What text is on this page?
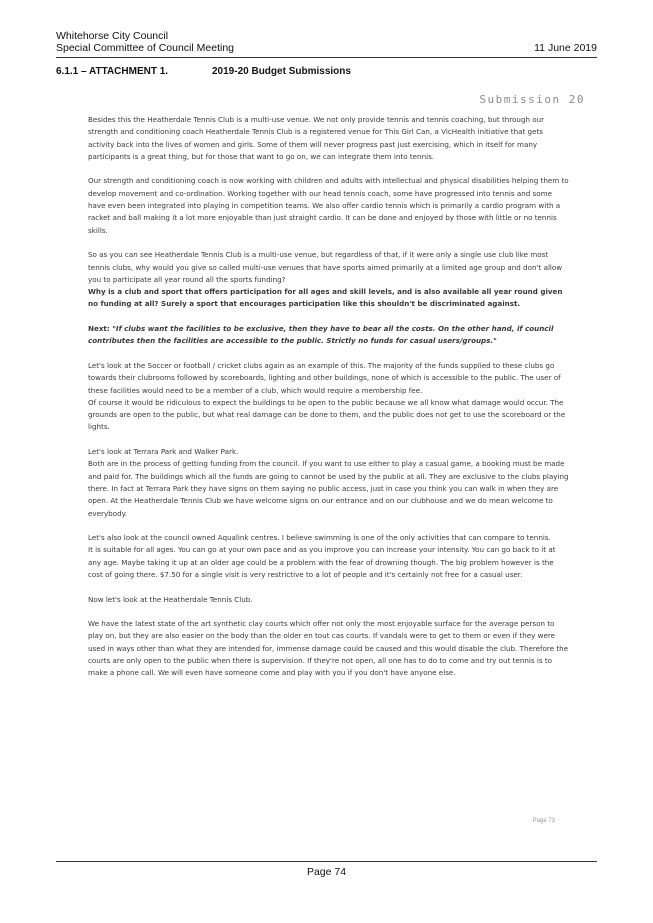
Whitehorse City Council
Special Committee of Council Meeting	11 June 2019
6.1.1 – ATTACHMENT 1.	2019-20 Budget Submissions
Submission 20

Besides this the Heatherdale Tennis Club is a multi-use venue. We not only provide tennis and tennis coaching, but through our strength and conditioning coach Heatherdale Tennis Club is a registered venue for This Girl Can, a VicHealth initiative that gets activity back into the lives of women and girls. Some of them will never progress past just exercising, which in itself for many participants is a great thing, but for those that want to go on, we can integrate them into tennis.

Our strength and conditioning coach is now working with children and adults with intellectual and physical disabilities helping them to develop movement and co-ordination. Working together with our head tennis coach, some have progressed into tennis and some have even been integrated into playing in competition teams. We also offer cardio tennis which is primarily a cardio program with a racket and ball making it a lot more enjoyable than just straight cardio. It can be done and enjoyed by those with little or no tennis skills.

So as you can see Heatherdale Tennis Club is a multi-use venue, but regardless of that, if it were only a single use club like most tennis clubs, why would you give so called multi-use venues that have sports aimed primarily at a limited age group and don't allow you to participate all year round all the sports funding?

Why is a club and sport that offers participation for all ages and skill levels, and is also available all year round given no funding at all? Surely a sport that encourages participation like this shouldn't be discriminated against.

Next: "If clubs want the facilities to be exclusive, then they have to bear all the costs. On the other hand, if council contributes then the facilities are accessible to the public. Strictly no funds for casual users/groups."

Let's look at the Soccer or football / cricket clubs again as an example of this. The majority of the funds supplied to these clubs go towards their clubrooms followed by scoreboards, lighting and other buildings, none of which is accessible to the public. The user of these facilities would need to be a member of a club, which would require a membership fee.

Of course it would be ridiculous to expect the buildings to be open to the public because we all know what damage would occur. The grounds are open to the public, but what real damage can be done to them, and the public does not get to use the scoreboard or the lights.

Let's look at Terrara Park and Walker Park.

Both are in the process of getting funding from the council. If you want to use either to play a casual game, a booking must be made and paid for. The buildings which all the funds are going to cannot be used by the public at all. They are exclusive to the clubs playing there. In fact at Terrara Park they have signs on them saying no public access, just in case you think you can walk in when they are open. At the Heatherdale Tennis Club we have welcome signs on our entrance and on our clubhouse and we do mean welcome to everybody.

Let's also look at the council owned Aqualink centres. I believe swimming is one of the only activities that can compare to tennis.

It is suitable for all ages. You can go at your own pace and as you improve you can increase your intensity. You can go back to it at any age. Maybe taking it up at an older age could be a problem with the fear of drowning though. The big problem however is the cost of going there. $7.50 for a single visit is very restrictive to a lot of people and it's certainly not free for a casual user.

Now let's look at the Heatherdale Tennis Club.

We have the latest state of the art synthetic clay courts which offer not only the most enjoyable surface for the average person to play on, but they are also easier on the body than the older en tout cas courts. If vandals were to get to them or even if they were used in ways other than what they are intended for, immense damage could be caused and this would disable the club. Therefore the courts are only open to the public when there is supervision. If they're not open, all one has to do to come and try out tennis is to make a phone call. We will even have someone come and play with you if you don't have anyone else.

Page 73
Page 74
